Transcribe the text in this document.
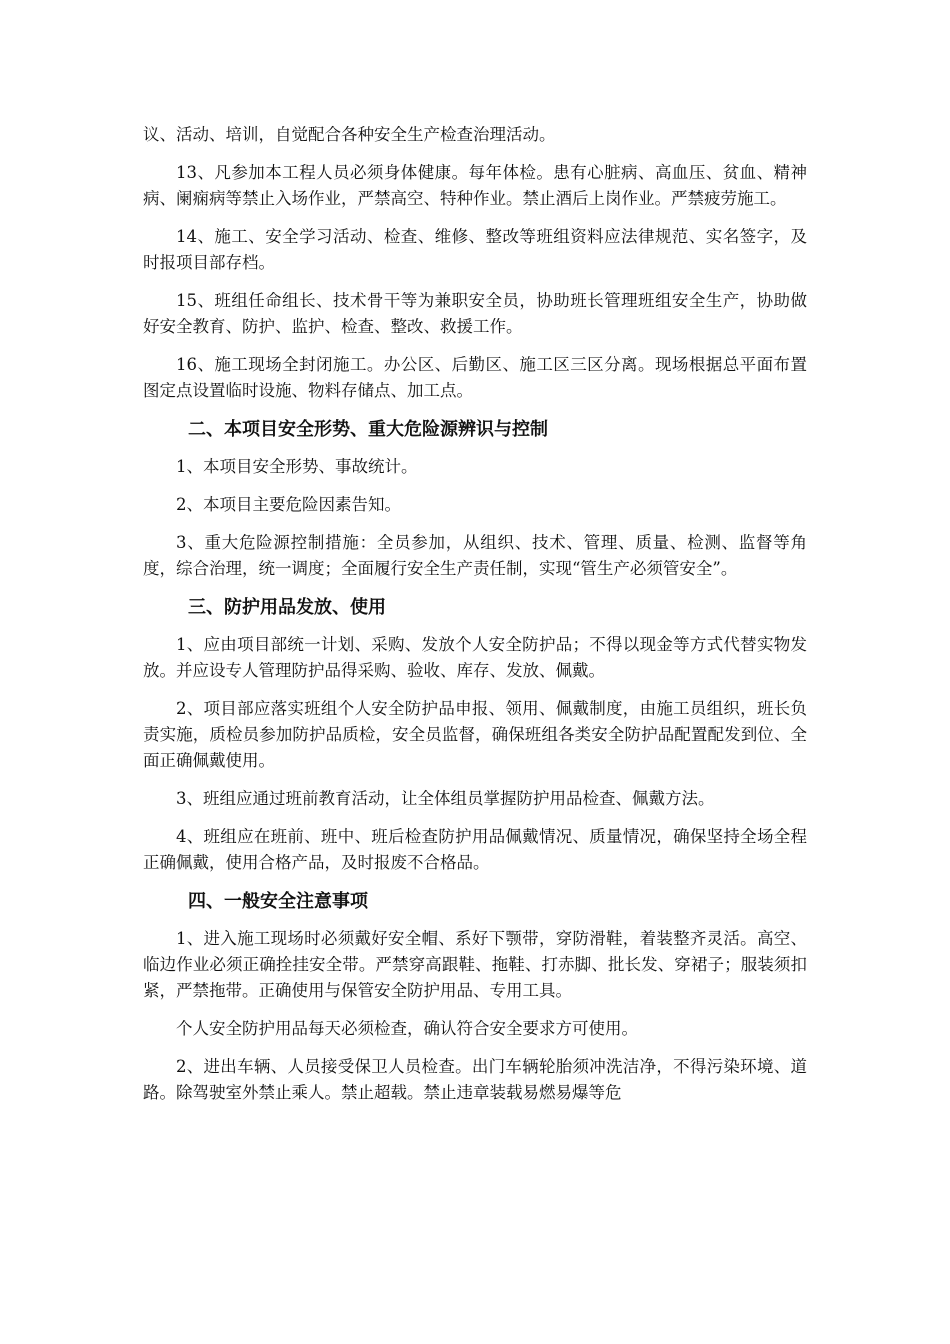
议、活动、培训，自觉配合各种安全生产检查治理活动。

13、凡参加本工程人员必须身体健康。每年体检。患有心脏病、高血压、贫血、精神病、阑痫病等禁止入场作业，严禁高空、特种作业。禁止酒后上岗作业。严禁疲劳施工。

14、施工、安全学习活动、检查、维修、整改等班组资料应法律规范、实名签字，及时报项目部存档。

15、班组任命组长、技术骨干等为兼职安全员，协助班长管理班组安全生产，协助做好安全教育、防护、监护、检查、整改、救援工作。

16、施工现场全封闭施工。办公区、后勤区、施工区三区分离。现场根据总平面布置图定点设置临时设施、物料存储点、加工点。

二、本项目安全形势、重大危险源辨识与控制

1、本项目安全形势、事故统计。

2、本项目主要危险因素告知。

3、重大危险源控制措施：全员参加，从组织、技术、管理、质量、检测、监督等角度，综合治理，统一调度；全面履行安全生产责任制，实现“管生产必须管安全”。

三、防护用品发放、使用

1、应由项目部统一计划、采购、发放个人安全防护品；不得以现金等方式代替实物发放。并应设专人管理防护品得采购、验收、库存、发放、佩戴。

2、项目部应落实班组个人安全防护品申报、领用、佩戴制度，由施工员组织，班长负责实施，质检员参加防护品质检，安全员监督，确保班组各类安全防护品配置配发到位、全面正确佩戴使用。

3、班组应通过班前教育活动，让全体组员掌握防护用品检查、佩戴方法。

4、班组应在班前、班中、班后检查防护用品佩戴情况、质量情况，确保坚持全场全程正确佩戴，使用合格产品，及时报废不合格品。

四、一般安全注意事项

1、进入施工现场时必须戴好安全帽、系好下颚带，穿防滑鞋，着装整齐灵活。高空、临边作业必须正确拴挂安全带。严禁穿高跟鞋、拖鞋、打赤脚、批长发、穿裙子；服装须扣紧，严禁拖带。正确使用与保管安全防护用品、专用工具。

个人安全防护用品每天必须检查，确认符合安全要求方可使用。

2、进出车辆、人员接受保卫人员检查。出门车辆轮胎须冲洗洁净，不得污染环境、道路。除驾驶室外禁止乘人。禁止超载。禁止违章装载易燃易爆等危
